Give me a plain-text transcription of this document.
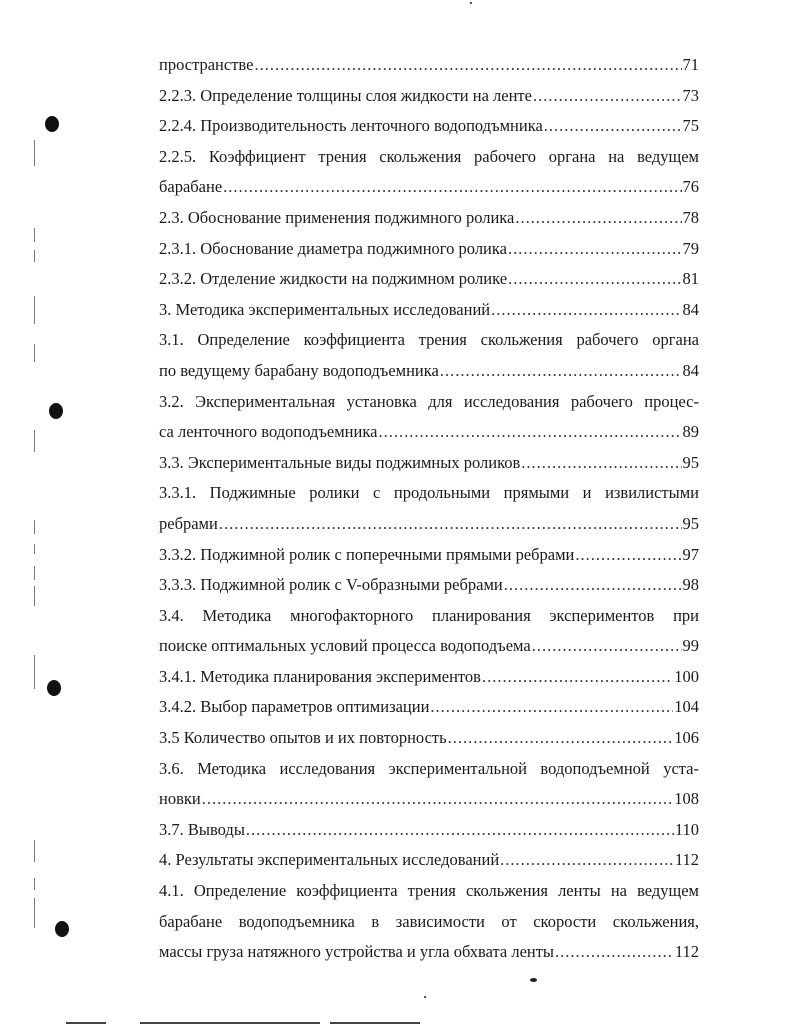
пространстве .....	71
2.2.3. Определение толщины слоя жидкости на ленте .....	73
2.2.4. Производительность ленточного водоподъмника .....	75
2.2.5. Коэффициент трения скольжения рабочего органа на ведущем
барабане .....	76
2.3. Обоснование применения поджимного ролика .....	78
2.3.1. Обоснование диаметра поджимного ролика .....	79
2.3.2. Отделение жидкости на поджимном ролике .....	81
3. Методика экспериментальных исследований .....	84
3.1. Определение коэффициента трения скольжения рабочего органа
по ведущему барабану водоподъемника .....	84
3.2. Экспериментальная установка для исследования рабочего процес-
са ленточного водоподъемника .....	89
3.3. Экспериментальные виды поджимных роликов .....	95
3.3.1. Поджимные ролики с продольными прямыми и извилистыми
ребрами .....	95
3.3.2. Поджимной ролик с поперечными прямыми ребрами .....	97
3.3.3. Поджимной ролик с V-образными ребрами .....	98
3.4. Методика многофакторного планирования экспериментов при
поиске оптимальных условий процесса водоподъема .....	99
3.4.1. Методика планирования экспериментов .....	100
3.4.2. Выбор параметров оптимизации .....	104
3.5 Количество опытов и их повторность .....	106
3.6. Методика исследования экспериментальной водоподъемной уста-
новки .....	108
3.7. Выводы .....	110
4. Результаты экспериментальных исследований .....	112
4.1. Определение коэффициента трения скольжения ленты на ведущем
барабане водоподъемника в зависимости от скорости скольжения,
массы груза натяжного устройства и угла обхвата ленты .....	112
